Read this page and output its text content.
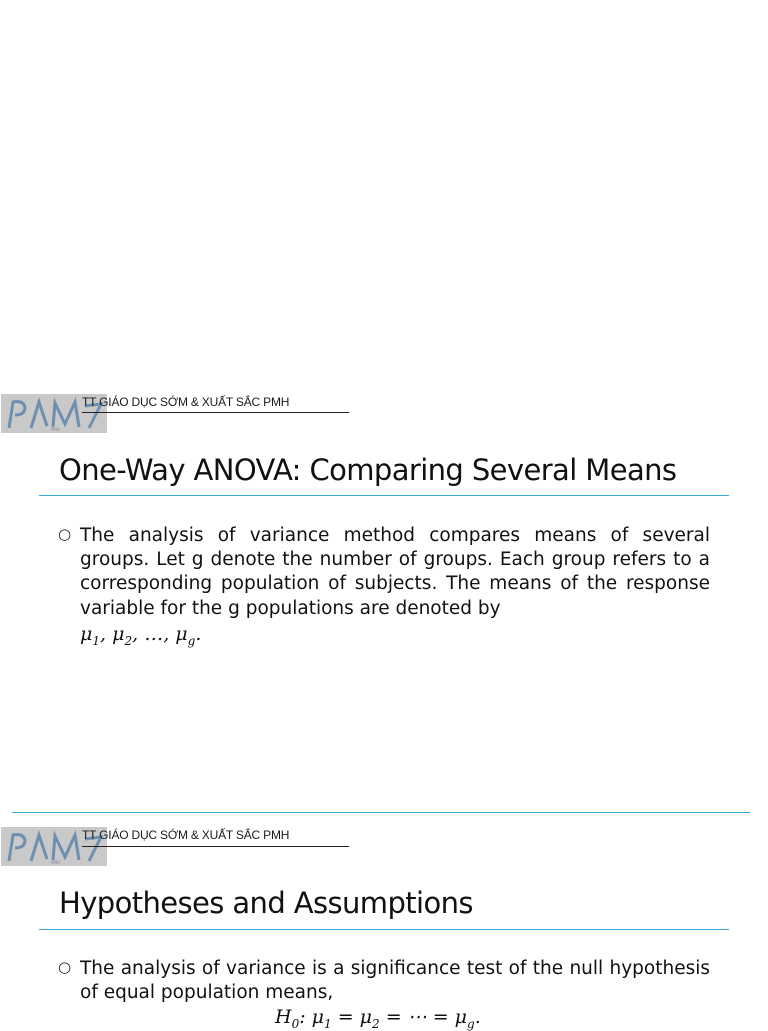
PMH
TT GIÁO DỤC SỚM & XUẤT SẮC PMH
One-Way ANOVA: Comparing Several Means
○ The analysis of variance method compares means of several groups. Let g denote the number of groups. Each group refers to a corresponding population of subjects. The means of the response variable for the g populations are denoted by

$\mu_1$, $\mu_2$, …, $\mu_g$.
PMH
TT GIÁO DỤC SỚM & XUẤT SẮC PMH
Hypotheses and Assumptions
○ The analysis of variance is a significance test of the null hypothesis of equal population means,

$H_0$: $\mu_1 = \mu_2$ = ⋯ = $\mu_g$.
